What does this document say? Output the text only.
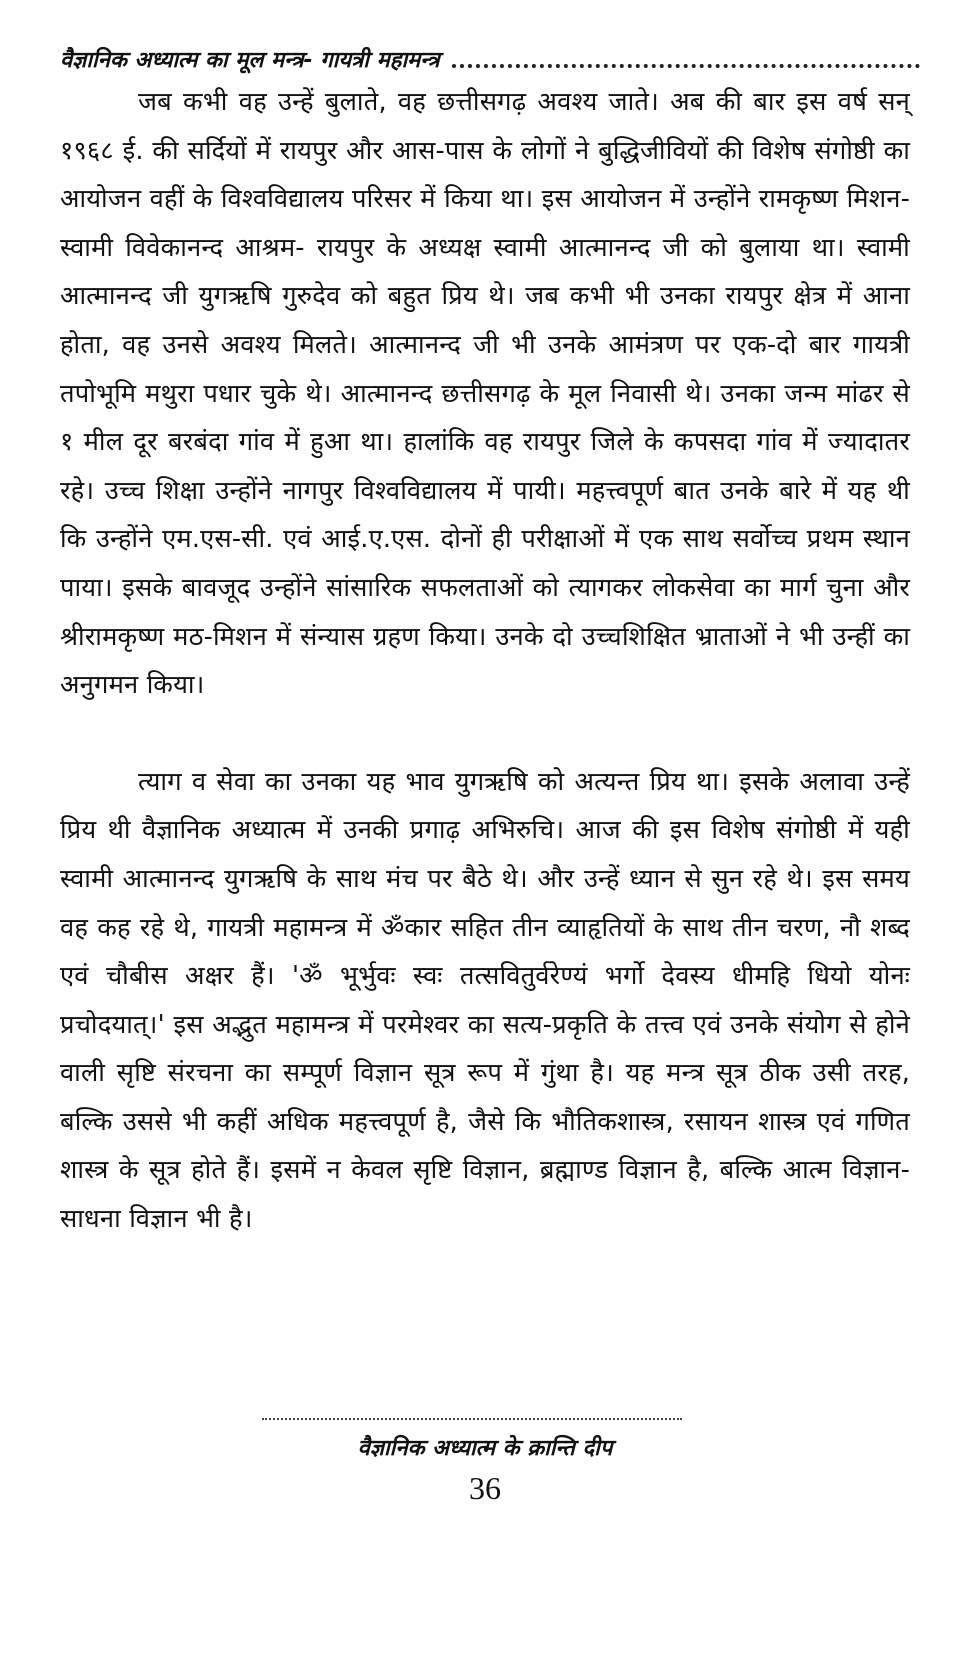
वैज्ञानिक अध्यात्म का मूल मन्त्र- गायत्री महामन्त्र

जब कभी वह उन्हें बुलाते, वह छत्तीसगढ़ अवश्य जाते। अब की बार इस वर्ष सन् १९६८ ई. की सर्दियों में रायपुर और आस-पास के लोगों ने बुद्धिजीवियों की विशेष संगोष्ठी का आयोजन वहीं के विश्वविद्यालय परिसर में किया था। इस आयोजन में उन्होंने रामकृष्ण मिशन-स्वामी विवेकानन्द आश्रम- रायपुर के अध्यक्ष स्वामी आत्मानन्द जी को बुलाया था। स्वामी आत्मानन्द जी युगऋषि गुरुदेव को बहुत प्रिय थे। जब कभी भी उनका रायपुर क्षेत्र में आना होता, वह उनसे अवश्य मिलते। आत्मानन्द जी भी उनके आमंत्रण पर एक-दो बार गायत्री तपोभूमि मथुरा पधार चुके थे। आत्मानन्द छत्तीसगढ़ के मूल निवासी थे। उनका जन्म मांढर से १ मील दूर बरबंदा गांव में हुआ था। हालांकि वह रायपुर जिले के कपसदा गांव में ज्यादातर रहे। उच्च शिक्षा उन्होंने नागपुर विश्वविद्यालय में पायी। महत्त्वपूर्ण बात उनके बारे में यह थी कि उन्होंने एम.एस-सी. एवं आई.ए.एस. दोनों ही परीक्षाओं में एक साथ सर्वोच्च प्रथम स्थान पाया। इसके बावजूद उन्होंने सांसारिक सफलताओं को त्यागकर लोकसेवा का मार्ग चुना और श्रीरामकृष्ण मठ-मिशन में संन्यास ग्रहण किया। उनके दो उच्चशिक्षित भ्राताओं ने भी उन्हीं का अनुगमन किया।

त्याग व सेवा का उनका यह भाव युगऋषि को अत्यन्त प्रिय था। इसके अलावा उन्हें प्रिय थी वैज्ञानिक अध्यात्म में उनकी प्रगाढ़ अभिरुचि। आज की इस विशेष संगोष्ठी में यही स्वामी आत्मानन्द युगऋषि के साथ मंच पर बैठे थे। और उन्हें ध्यान से सुन रहे थे। इस समय वह कह रहे थे, गायत्री महामन्त्र में ॐकार सहित तीन व्याहृतियों के साथ तीन चरण, नौ शब्द एवं चौबीस अक्षर हैं। 'ॐ भूर्भुवः स्वः तत्सवितुर्वरेण्यं भर्गो देवस्य धीमहि धियो योनः प्रचोदयात्।' इस अद्भुत महामन्त्र में परमेश्वर का सत्य-प्रकृति के तत्त्व एवं उनके संयोग से होने वाली सृष्टि संरचना का सम्पूर्ण विज्ञान सूत्र रूप में गुंथा है। यह मन्त्र सूत्र ठीक उसी तरह, बल्कि उससे भी कहीं अधिक महत्त्वपूर्ण है, जैसे कि भौतिकशास्त्र, रसायन शास्त्र एवं गणित शास्त्र के सूत्र होते हैं। इसमें न केवल सृष्टि विज्ञान, ब्रह्माण्ड विज्ञान है, बल्कि आत्म विज्ञान-साधना विज्ञान भी है।

वैज्ञानिक अध्यात्म के क्रान्ति दीप
36
